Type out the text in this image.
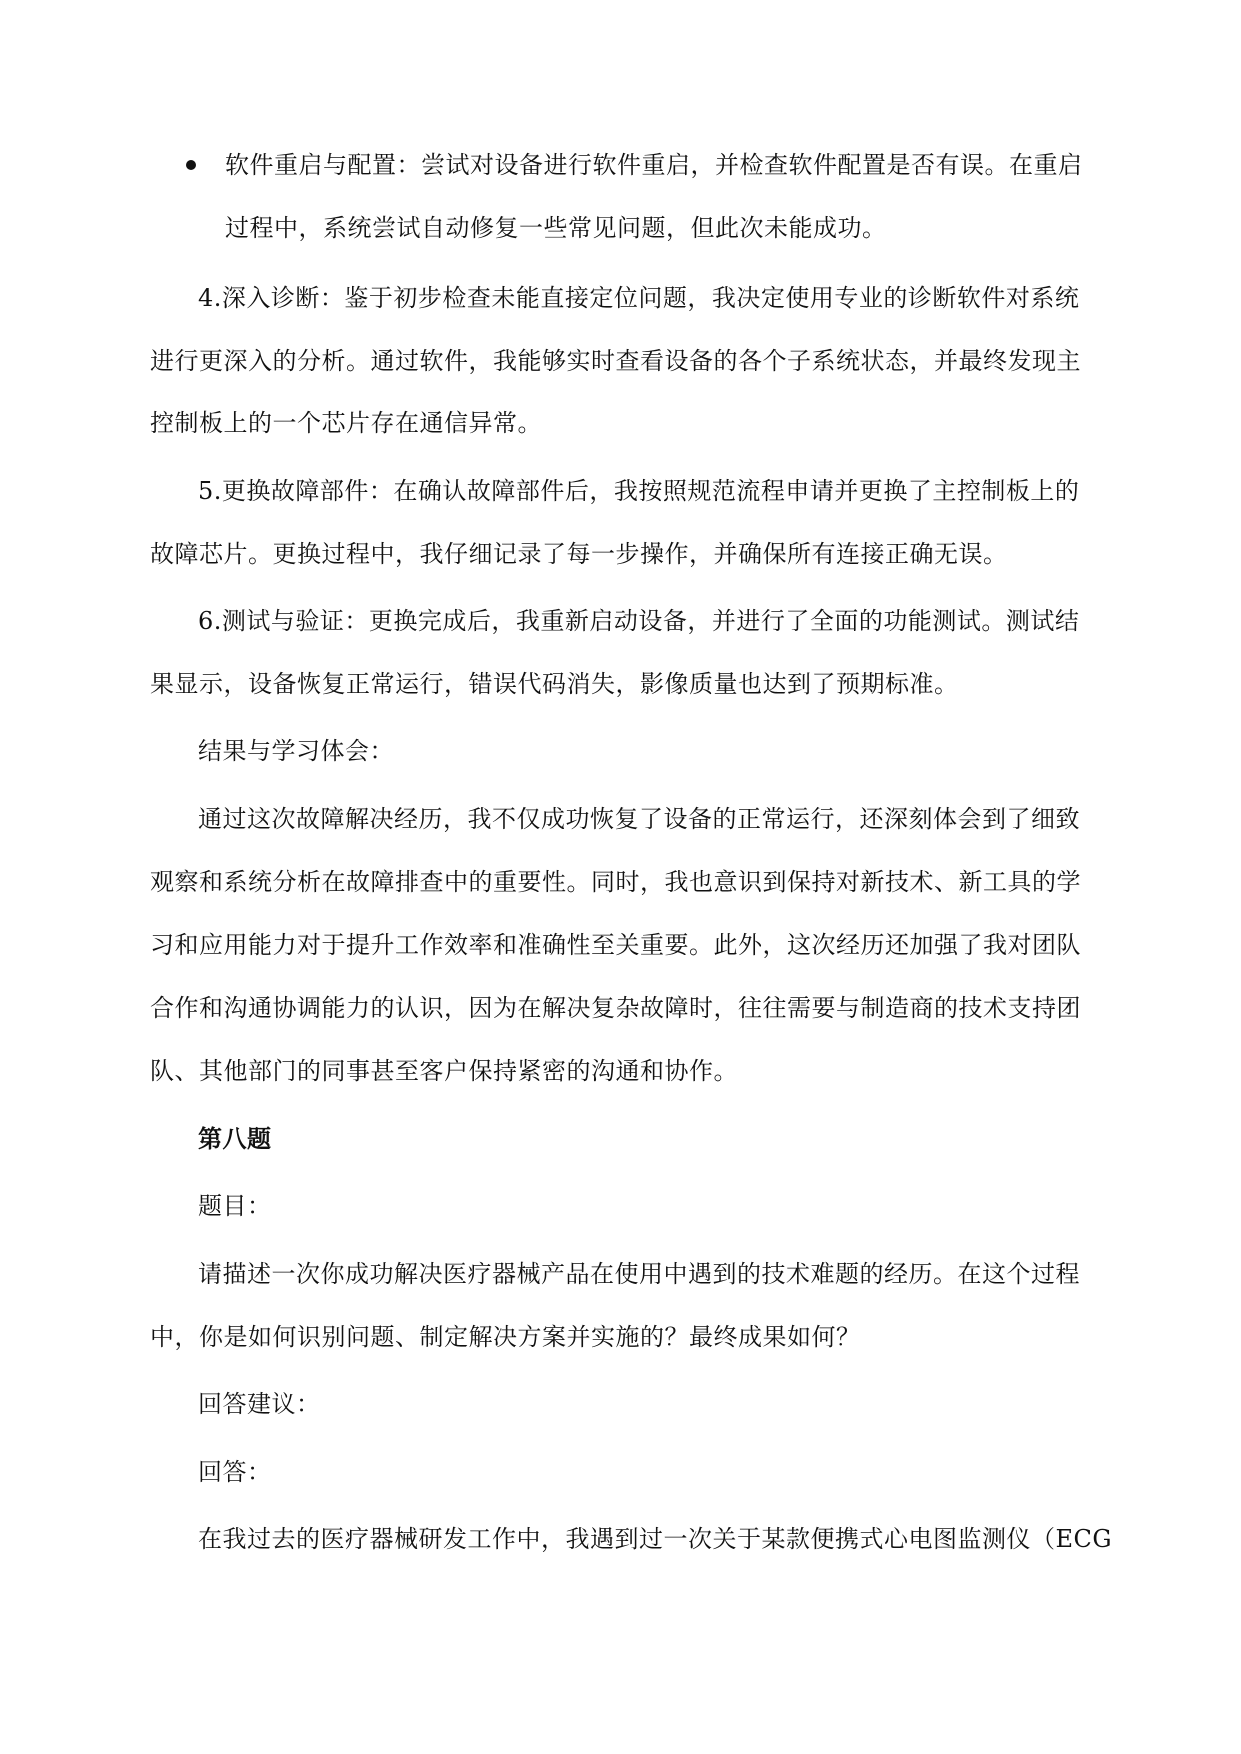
软件重启与配置：尝试对设备进行软件重启，并检查软件配置是否有误。在重启
过程中，系统尝试自动修复一些常见问题，但此次未能成功。
4.深入诊断：鉴于初步检查未能直接定位问题，我决定使用专业的诊断软件对系统
进行更深入的分析。通过软件，我能够实时查看设备的各个子系统状态，并最终发现主
控制板上的一个芯片存在通信异常。
5.更换故障部件：在确认故障部件后，我按照规范流程申请并更换了主控制板上的
故障芯片。更换过程中，我仔细记录了每一步操作，并确保所有连接正确无误。
6.测试与验证：更换完成后，我重新启动设备，并进行了全面的功能测试。测试结
果显示，设备恢复正常运行，错误代码消失，影像质量也达到了预期标准。
结果与学习体会：
通过这次故障解决经历，我不仅成功恢复了设备的正常运行，还深刻体会到了细致
观察和系统分析在故障排查中的重要性。同时，我也意识到保持对新技术、新工具的学
习和应用能力对于提升工作效率和准确性至关重要。此外，这次经历还加强了我对团队
合作和沟通协调能力的认识，因为在解决复杂故障时，往往需要与制造商的技术支持团
队、其他部门的同事甚至客户保持紧密的沟通和协作。
第八题
题目：
请描述一次你成功解决医疗器械产品在使用中遇到的技术难题的经历。在这个过程
中，你是如何识别问题、制定解决方案并实施的？最终成果如何？
回答建议：
回答：
在我过去的医疗器械研发工作中，我遇到过一次关于某款便携式心电图监测仪（ECG
